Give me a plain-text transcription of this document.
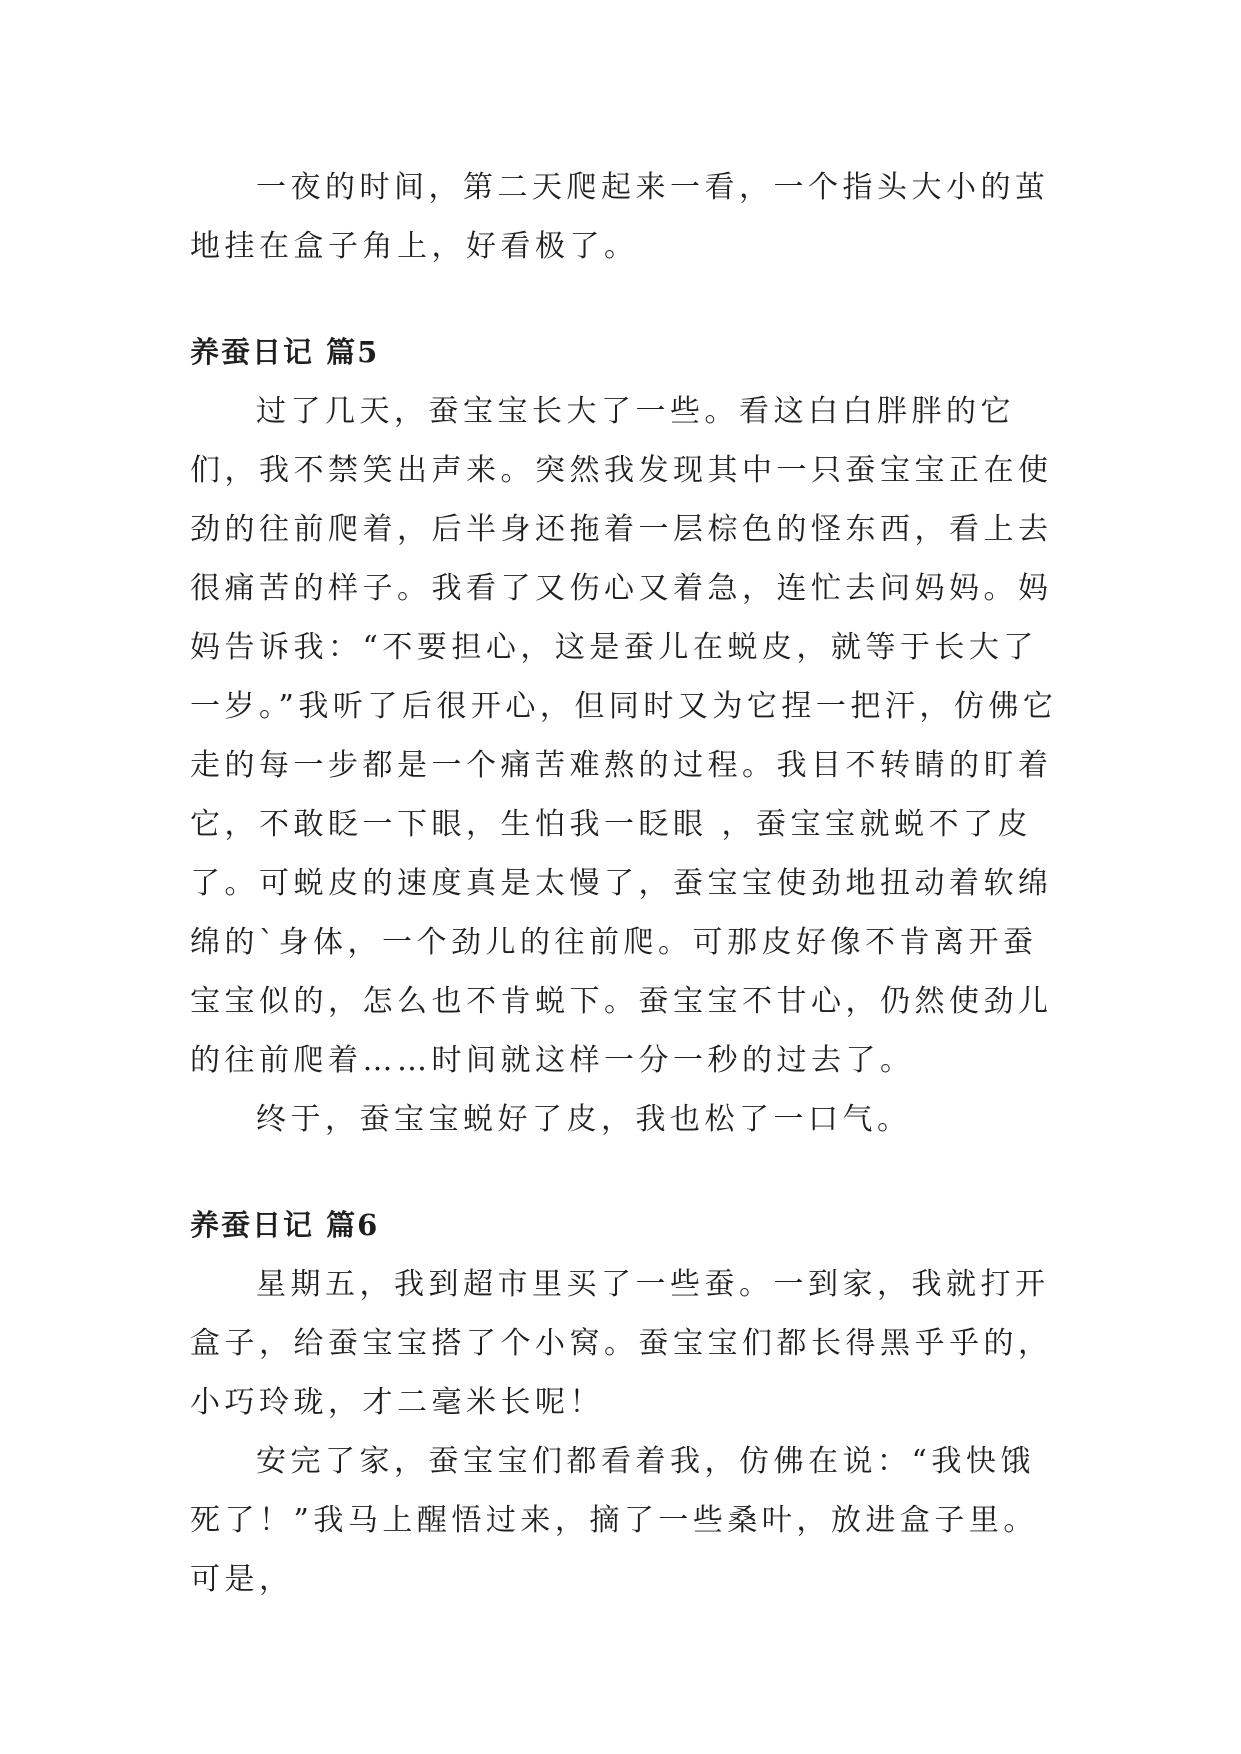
一夜的时间，第二天爬起来一看，一个指头大小的茧地挂在盒子角上，好看极了。

养蚕日记 篇5

过了几天，蚕宝宝长大了一些。看这白白胖胖的它们，我不禁笑出声来。突然我发现其中一只蚕宝宝正在使劲的往前爬着，后半身还拖着一层棕色的怪东西，看上去很痛苦的样子。我看了又伤心又着急，连忙去问妈妈。妈妈告诉我：“不要担心，这是蚕儿在蜕皮，就等于长大了一岁。”我听了后很开心，但同时又为它捏一把汗，仿佛它走的每一步都是一个痛苦难熬的过程。我目不转睛的盯着它，不敢眨一下眼，生怕我一眨眼 ，蚕宝宝就蜕不了皮了。可蜕皮的速度真是太慢了，蚕宝宝使劲地扭动着软绵绵的`身体，一个劲儿的往前爬。可那皮好像不肯离开蚕宝宝似的，怎么也不肯蜕下。蚕宝宝不甘心，仍然使劲儿的往前爬着……时间就这样一分一秒的过去了。

终于，蚕宝宝蜕好了皮，我也松了一口气。

养蚕日记 篇6

星期五，我到超市里买了一些蚕。一到家，我就打开盒子，给蚕宝宝搭了个小窝。蚕宝宝们都长得黑乎乎的，小巧玲珑，才二毫米长呢！

安完了家，蚕宝宝们都看着我，仿佛在说：“我快饿死了！”我马上醒悟过来，摘了一些桑叶，放进盒子里。可是，
